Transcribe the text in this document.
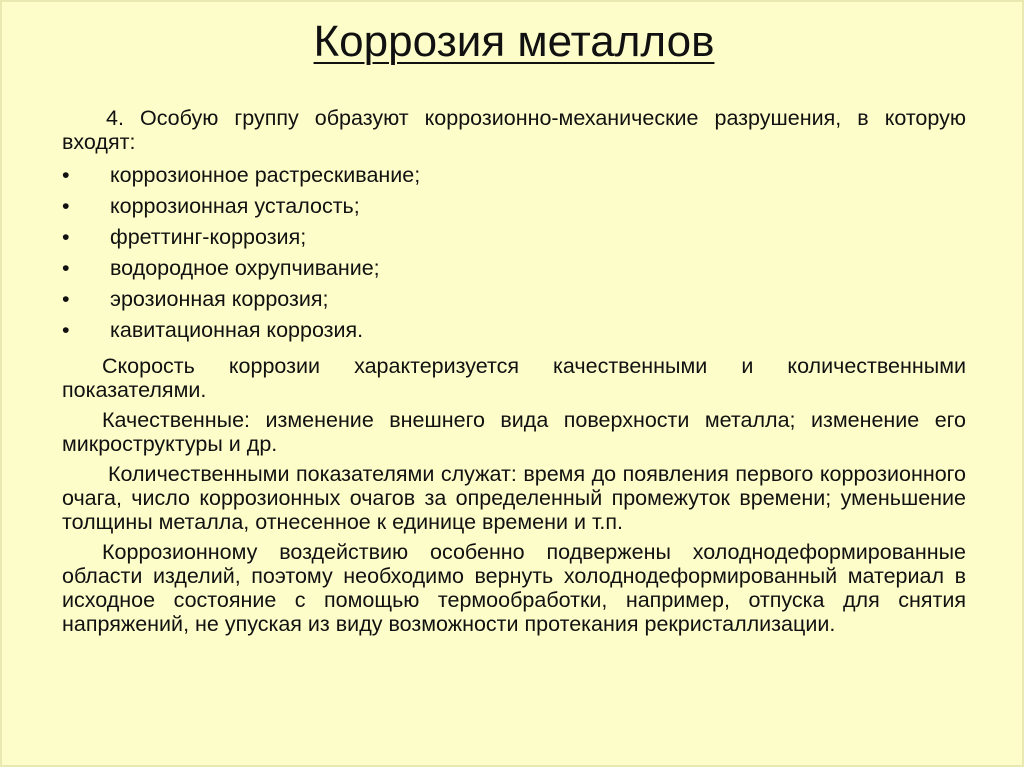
Коррозия металлов

4. Особую группу образуют коррозионно-механические разрушения, в которую входят:

• коррозионное растрескивание;
• коррозионная усталость;
• фреттинг-коррозия;
• водородное охрупчивание;
• эрозионная коррозия;
• кавитационная коррозия.

Скорость коррозии характеризуется качественными и количественными показателями.

Качественные: изменение внешнего вида поверхности металла; изменение его микроструктуры и др.

Количественными показателями служат: время до появления первого коррозионного очага, число коррозионных очагов за определенный промежуток времени; уменьшение толщины металла, отнесенное к единице времени и т.п.

Коррозионному воздействию особенно подвержены холоднодеформированные области изделий, поэтому необходимо вернуть холоднодеформированный материал в исходное состояние с помощью термообработки, например, отпуска для снятия напряжений, не упуская из виду возможности протекания рекристаллизации.
